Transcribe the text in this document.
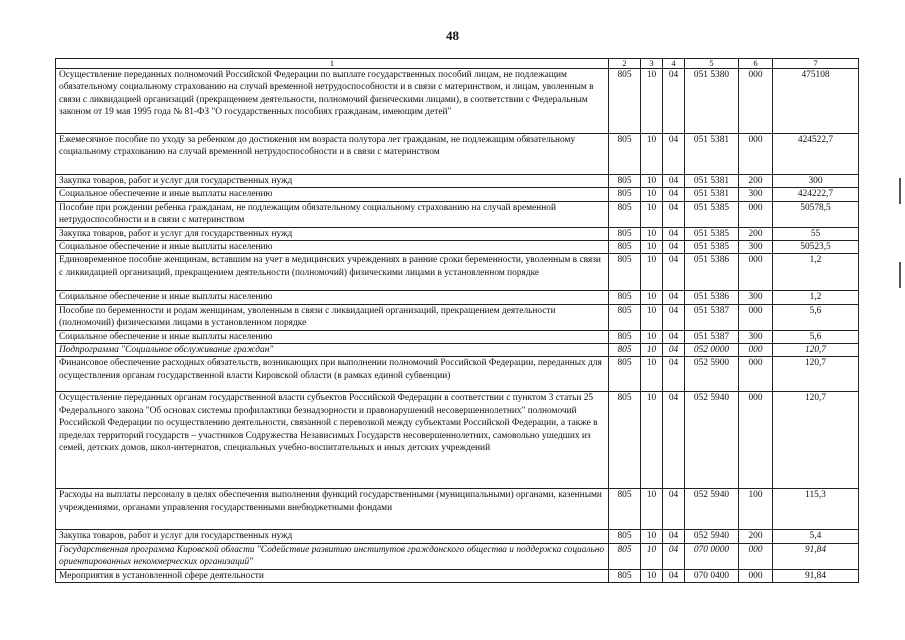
48
1	2	3	4	5	6	7
Осуществление переданных полномочий Российской Федерации по выплате государственных пособий лицам, не подлежащим обязательному социальному страхованию на случай временной нетрудоспособности и в связи с материнством, и лицам, уволенным в связи с ликвидацией организаций (прекращением деятельности, полномочий физическими лицами), в соответствии с Федеральным законом от 19 мая 1995 года № 81-ФЗ "О государственных пособиях гражданам, имеющим детей"	805	10	04	051 5380	000	475108
Ежемесячное пособие по уходу за ребенком до достижения им возраста полутора лет гражданам, не подлежащим обязательному социальному страхованию на случай временной нетрудоспособности и в связи с материнством	805	10	04	051 5381	000	424522,7
Закупка товаров, работ и услуг для государственных нужд	805	10	04	051 5381	200	300
Социальное обеспечение и иные выплаты населению	805	10	04	051 5381	300	424222,7
Пособие при рождении ребенка гражданам, не подлежащим обязательному социальному страхованию на случай временной нетрудоспособности и в связи с материнством	805	10	04	051 5385	000	50578,5
Закупка товаров, работ и услуг для государственных нужд	805	10	04	051 5385	200	55
Социальное обеспечение и иные выплаты населению	805	10	04	051 5385	300	50523,5
Единовременное пособие женщинам, вставшим на учет в медицинских учреждениях в ранние сроки беременности, уволенным в связи с ликвидацией организаций, прекращением деятельности (полномочий) физическими лицами в установленном порядке	805	10	04	051 5386	000	1,2
Социальное обеспечение и иные выплаты населению	805	10	04	051 5386	300	1,2
Пособие по беременности и родам женщинам, уволенным в связи с ликвидацией организаций, прекращением деятельности (полномочий) физическими лицами в установленном порядке	805	10	04	051 5387	000	5,6
Социальное обеспечение и иные выплаты населению	805	10	04	051 5387	300	5,6
Подпрограмма "Социальное обслуживание граждан"	805	10	04	052 0000	000	120,7
Финансовое обеспечение расходных обязательств, возникающих при выполнении полномочий Российской Федерации, переданных для осуществления органам государственной власти Кировской области (в рамках единой субвенции)	805	10	04	052 5900	000	120,7
Осуществление переданных органам государственной власти субъектов Российской Федерации в соответствии с пунктом 3 статьи 25 Федерального закона "Об основах системы профилактики безнадзорности и правонарушений несовершеннолетних" полномочий Российской Федерации по осуществлению деятельности, связанной с перевозкой между субъектами Российской Федерации, а также в пределах территорий государств – участников Содружества Независимых Государств несовершеннолетних, самовольно ушедших из семей, детских домов, школ-интернатов, специальных учебно-воспитательных и иных детских учреждений	805	10	04	052 5940	000	120,7
Расходы на выплаты персоналу в целях обеспечения выполнения функций государственными (муниципальными) органами, казенными учреждениями, органами управления государственными внебюджетными фондами	805	10	04	052 5940	100	115,3
Закупка товаров, работ и услуг для государственных нужд	805	10	04	052 5940	200	5,4
Государственная программа Кировской области "Содействие развитию институтов гражданского общества и поддержка социально ориентированных некоммерческих организаций"	805	10	04	070 0000	000	91,84
Мероприятия в установленной сфере деятельности	805	10	04	070 0400	000	91,84
